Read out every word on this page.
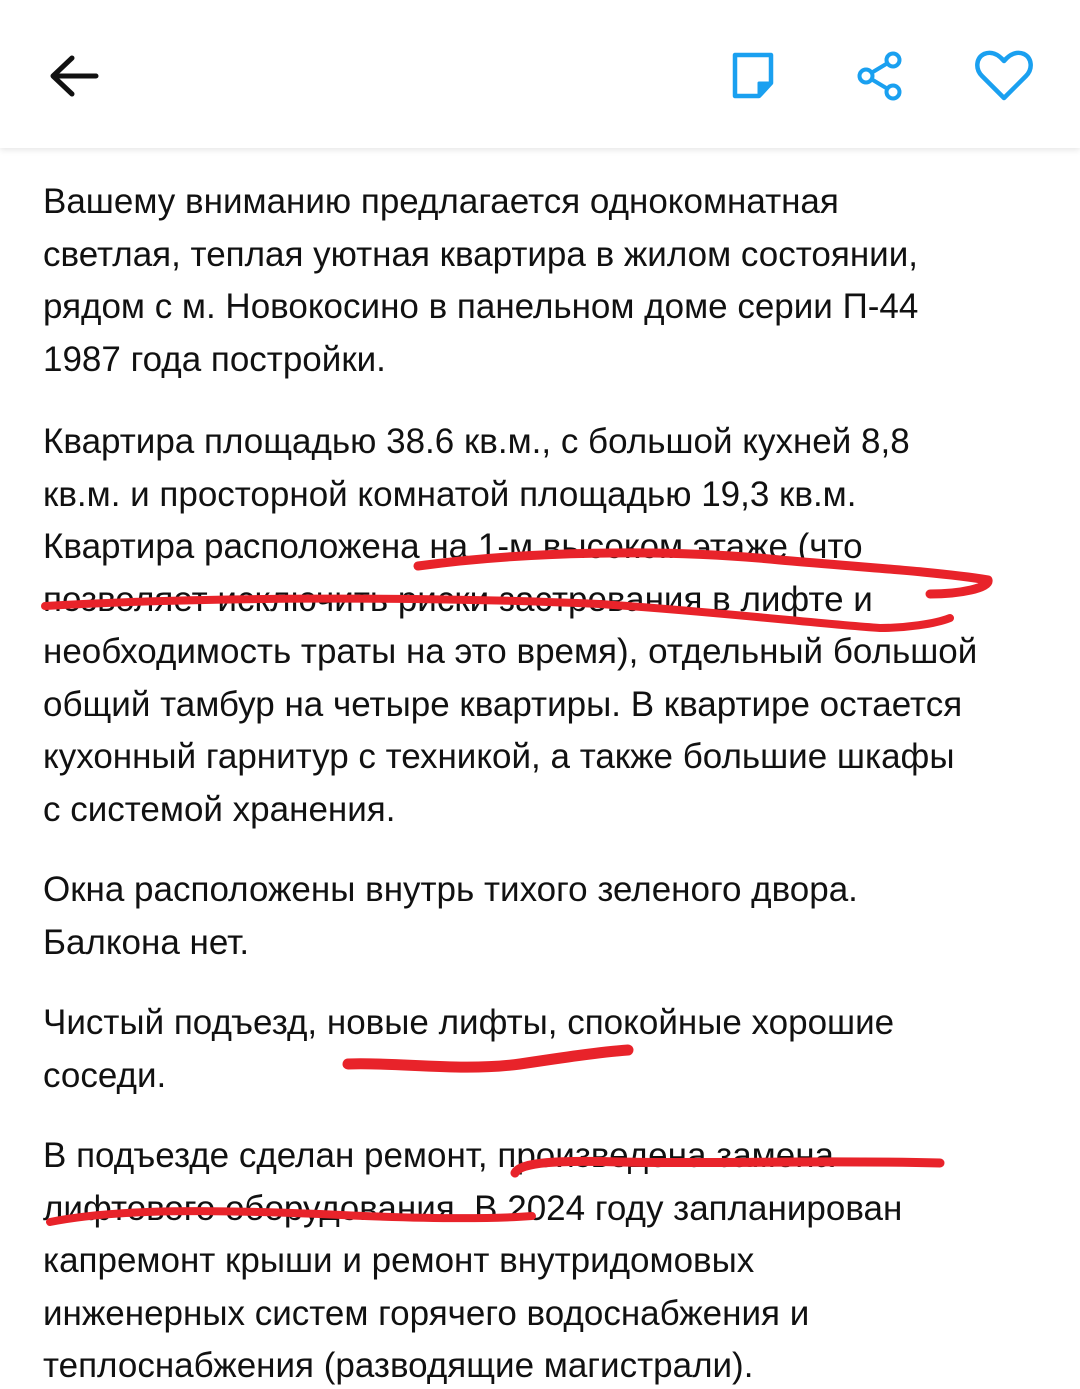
Вашему вниманию предлагается однокомнатная
светлая, теплая уютная квартира в жилом состоянии,
рядом с м. Новокосино в панельном доме серии П-44
1987 года постройки.

Квартира площадью 38.6 кв.м., с большой кухней 8,8
кв.м. и просторной комнатой площадью 19,3 кв.м.
Квартира расположена на 1-м высоком этаже (что
позволяет исключить риски застревания в лифте и
необходимость траты на это время), отдельный большой
общий тамбур на четыре квартиры. В квартире остается
кухонный гарнитур с техникой, а также большие шкафы
с системой хранения.

Окна расположены внутрь тихого зеленого двора.
Балкона нет.

Чистый подъезд, новые лифты, спокойные хорошие
соседи.

В подъезде сделан ремонт, произведена замена
лифтового оборудования. В 2024 году запланирован
капремонт крыши и ремонт внутридомовых
инженерных систем горячего водоснабжения и
теплоснабжения (разводящие магистрали).
